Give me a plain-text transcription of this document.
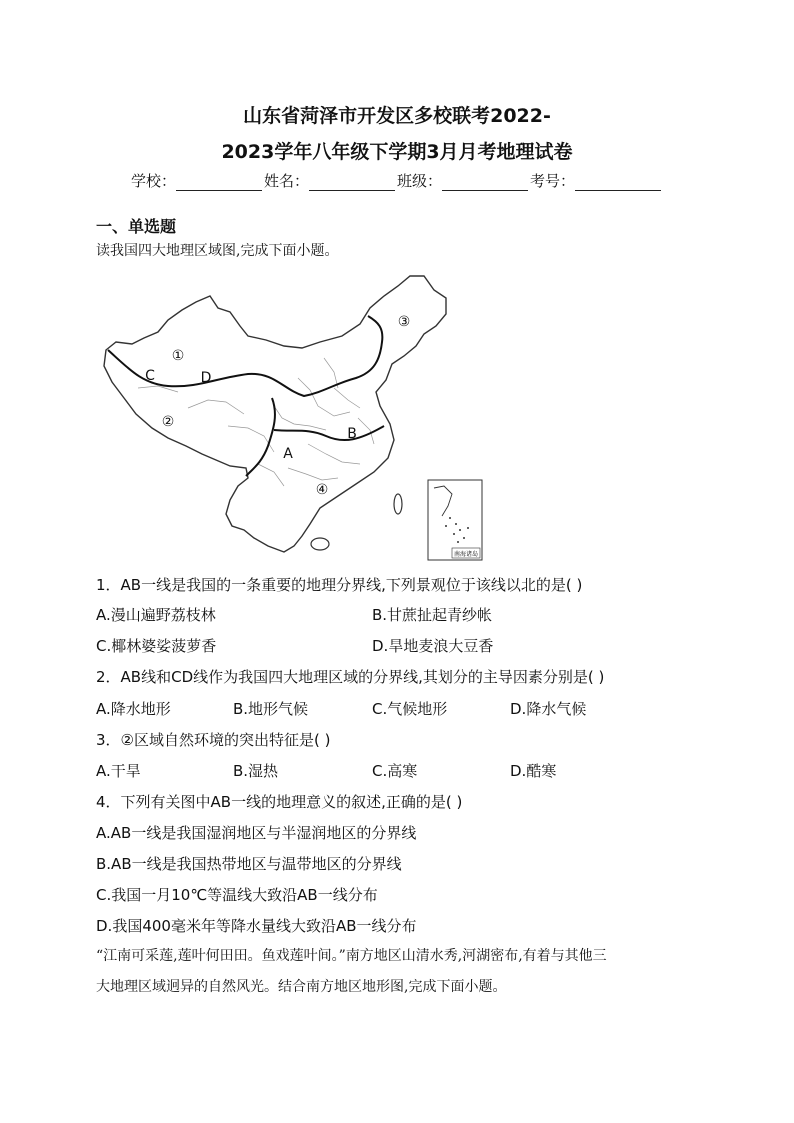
山东省菏泽市开发区多校联考2022-
2023学年八年级下学期3月月考地理试卷
学校：	姓名：	班级：	考号：
一、单选题
读我国四大地理区域图,完成下面小题。
南海诸岛
①
②
③
④
A
B
C	D
1．AB一线是我国的一条重要的地理分界线,下列景观位于该线以北的是( )
A.漫山遍野荔枝林	B.甘蔗扯起青纱帐
C.椰林婆娑菠萝香	D.旱地麦浪大豆香
2．AB线和CD线作为我国四大地理区域的分界线,其划分的主导因素分别是( )
A.降水地形	B.地形气候	C.气候地形	D.降水气候
3．②区域自然环境的突出特征是( )
A.干旱	B.湿热	C.高寒	D.酷寒
4．下列有关图中AB一线的地理意义的叙述,正确的是( )
A.AB一线是我国湿润地区与半湿润地区的分界线
B.AB一线是我国热带地区与温带地区的分界线
C.我国一月10℃等温线大致沿AB一线分布
D.我国400毫米年等降水量线大致沿AB一线分布
“江南可采莲,莲叶何田田。鱼戏莲叶间。”南方地区山清水秀,河湖密布,有着与其他三
大地理区域迥异的自然风光。结合南方地区地形图,完成下面小题。
